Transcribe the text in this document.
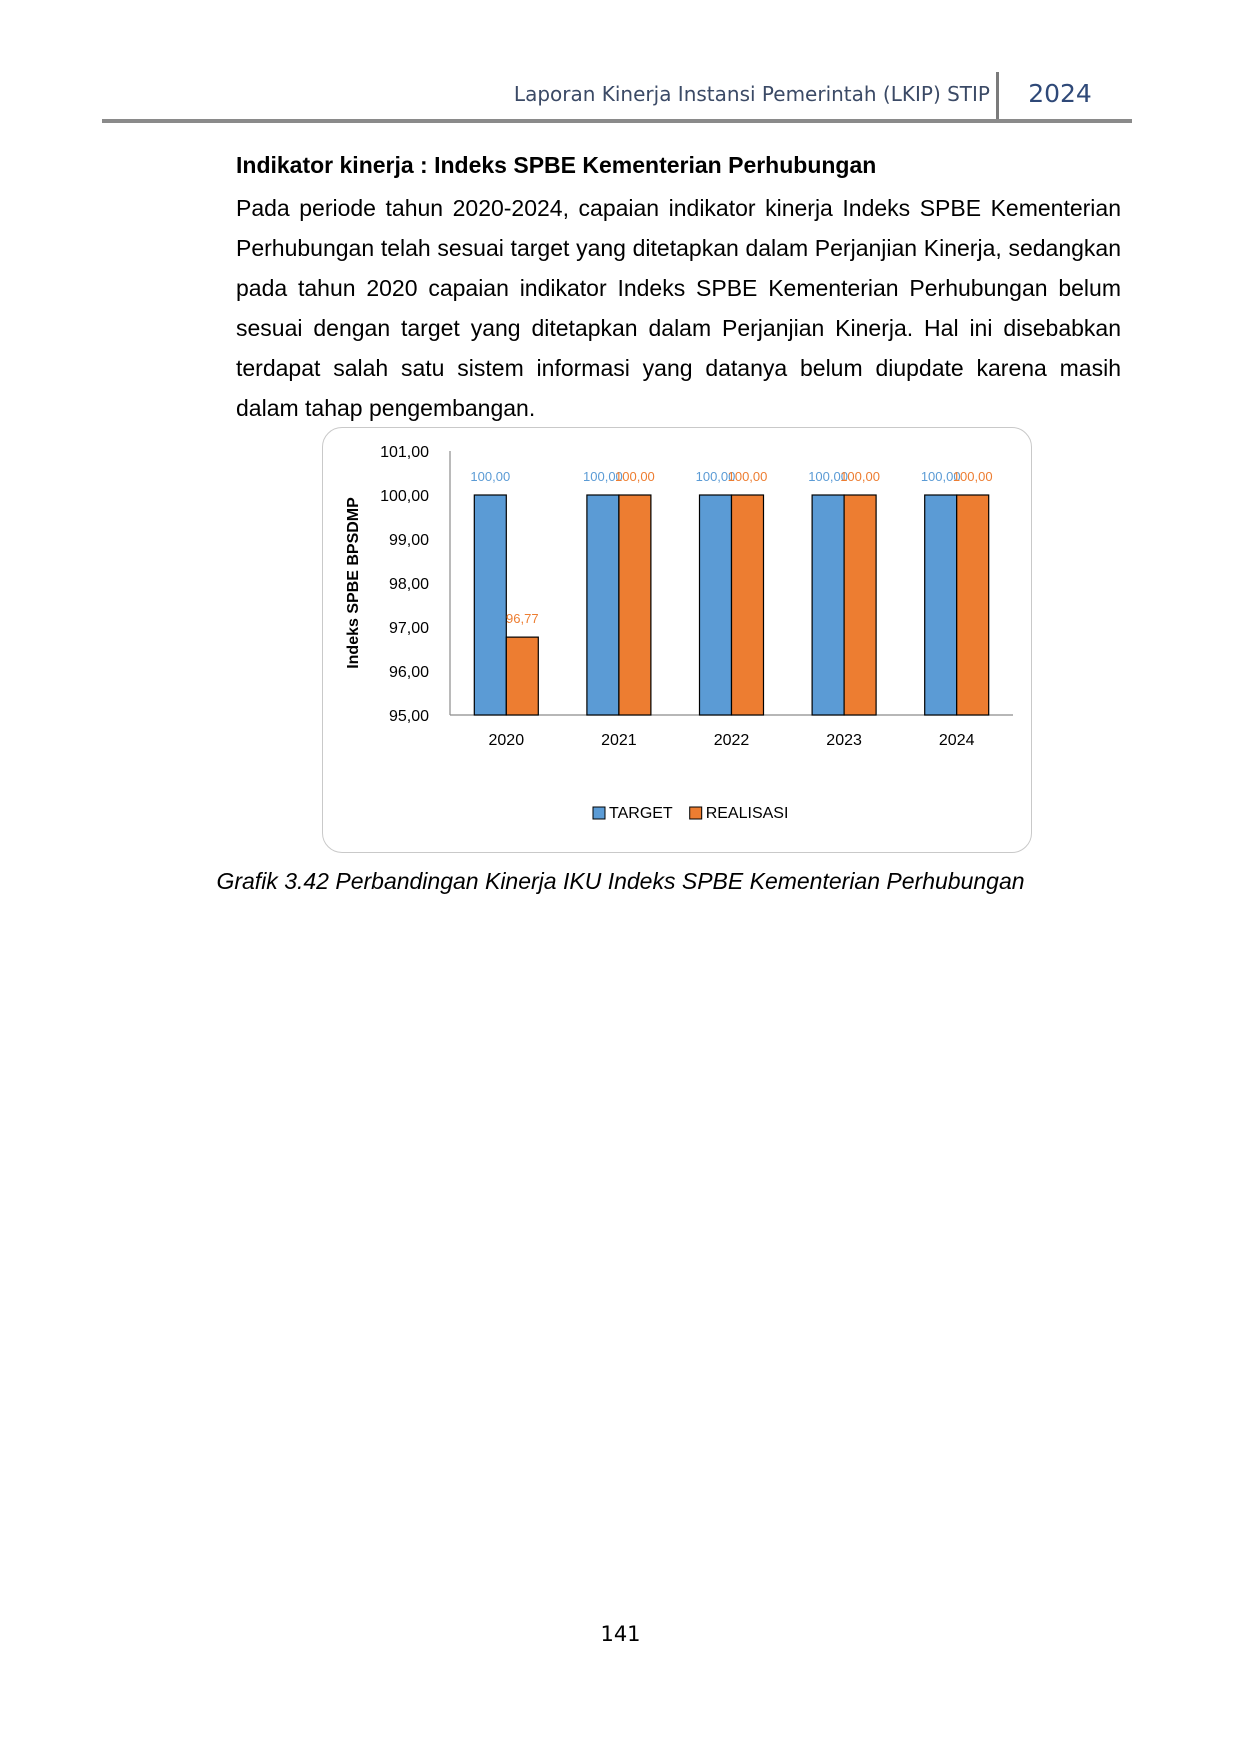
Laporan Kinerja Instansi Pemerintah (LKIP) STIP	2024
Indikator kinerja : Indeks SPBE Kementerian Perhubungan

Pada periode tahun 2020-2024, capaian indikator kinerja Indeks SPBE Kementerian Perhubungan telah sesuai target yang ditetapkan dalam Perjanjian Kinerja, sedangkan pada tahun 2020 capaian indikator Indeks SPBE Kementerian Perhubungan belum sesuai dengan target yang ditetapkan dalam Perjanjian Kinerja. Hal ini disebabkan terdapat salah satu sistem informasi yang datanya belum diupdate karena masih dalam tahap pengembangan.

95,00
96,00
97,00
98,00
99,00
100,00
101,00
Indeks SPBE BPSDMP
100,00
96,77
2020
100,00
100,00
2021
100,00
100,00
2022
100,00
100,00
2023
100,00
100,00
2024
TARGET REALISASI
Grafik 3.42 Perbandingan Kinerja IKU Indeks SPBE Kementerian Perhubungan
141
